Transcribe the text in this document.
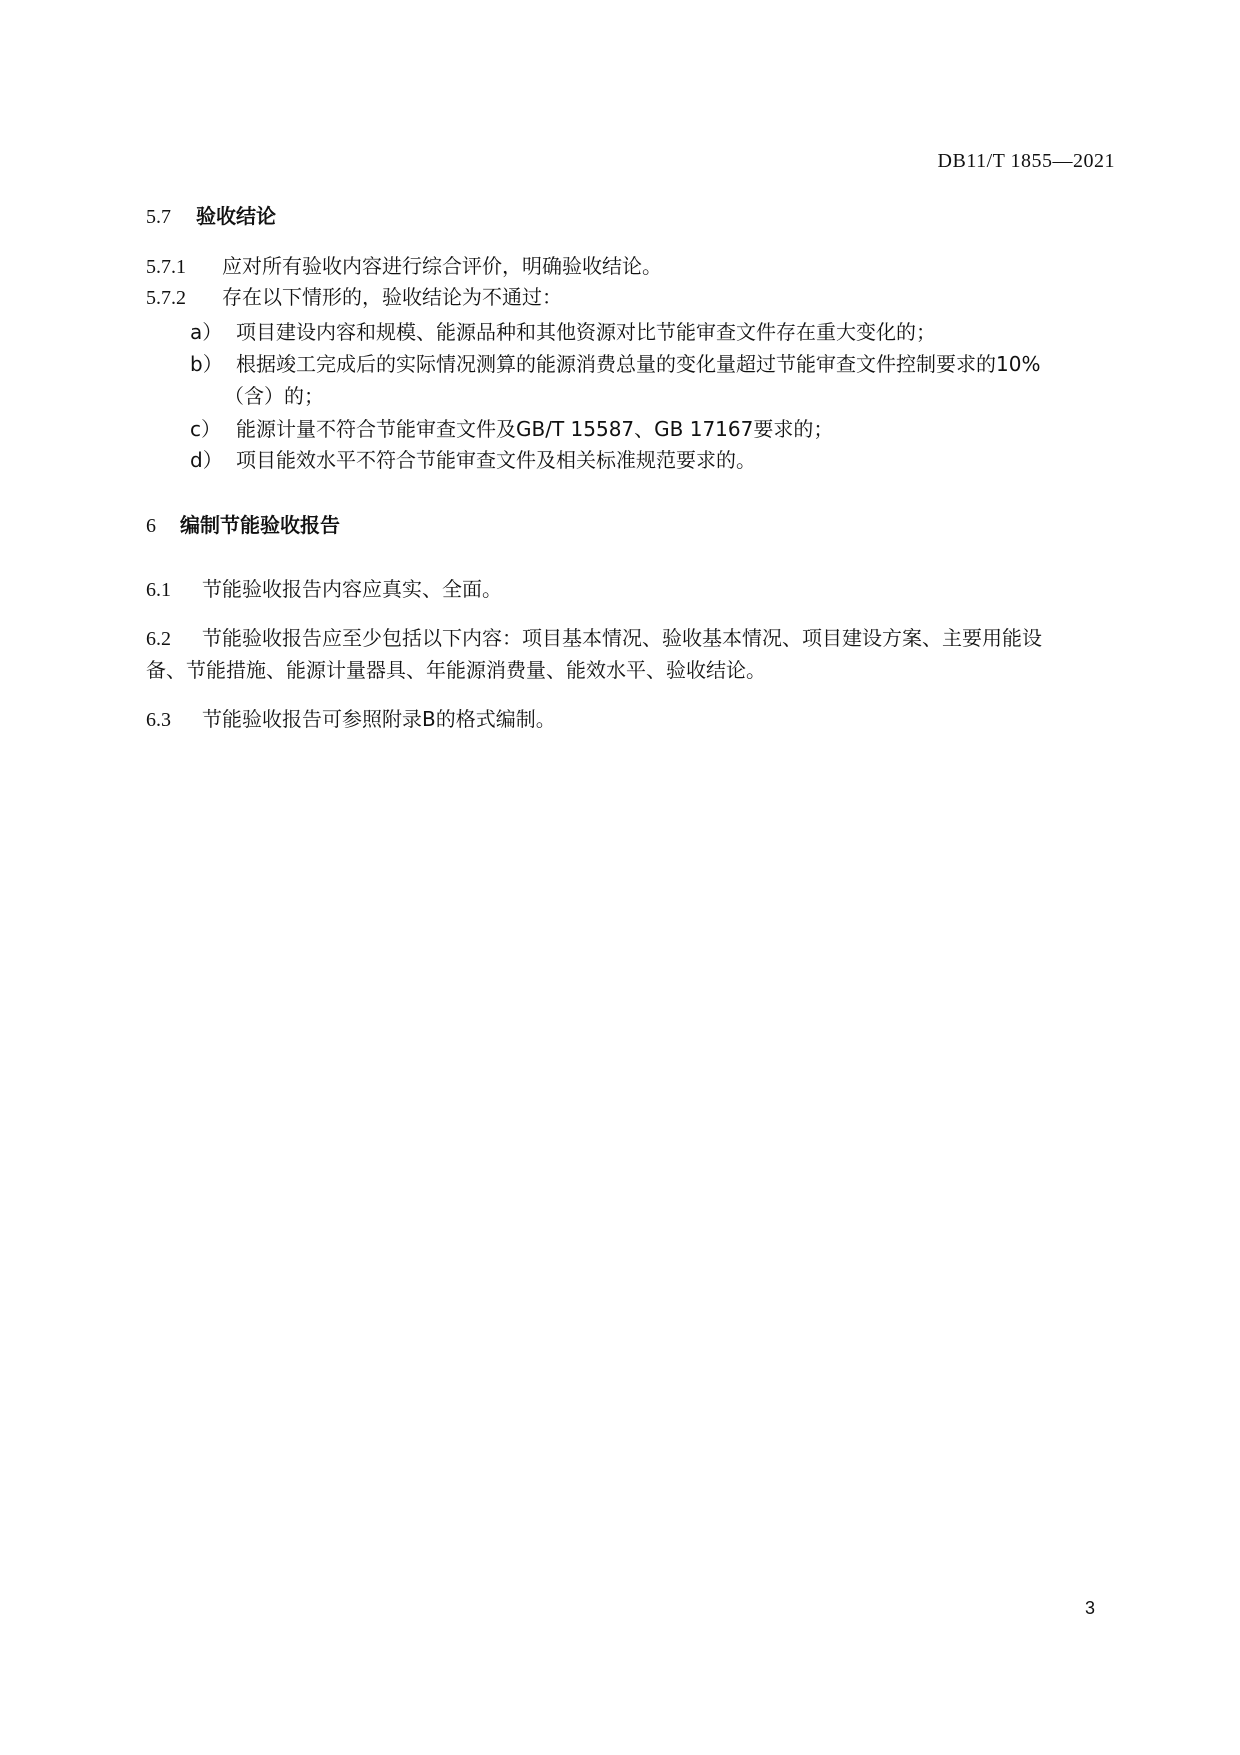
DB11/T 1855—2021
5.7 验收结论
5.7.1 应对所有验收内容进行综合评价，明确验收结论。
5.7.2 存在以下情形的，验收结论为不通过：
a） 项目建设内容和规模、能源品种和其他资源对比节能审查文件存在重大变化的；
b） 根据竣工完成后的实际情况测算的能源消费总量的变化量超过节能审查文件控制要求的10%
（含）的；
c） 能源计量不符合节能审查文件及GB/T 15587、GB 17167要求的；
d） 项目能效水平不符合节能审查文件及相关标准规范要求的。
6 编制节能验收报告
6.1 节能验收报告内容应真实、全面。
6.2 节能验收报告应至少包括以下内容：项目基本情况、验收基本情况、项目建设方案、主要用能设
备、节能措施、能源计量器具、年能源消费量、能效水平、验收结论。
6.3 节能验收报告可参照附录B的格式编制。
3
